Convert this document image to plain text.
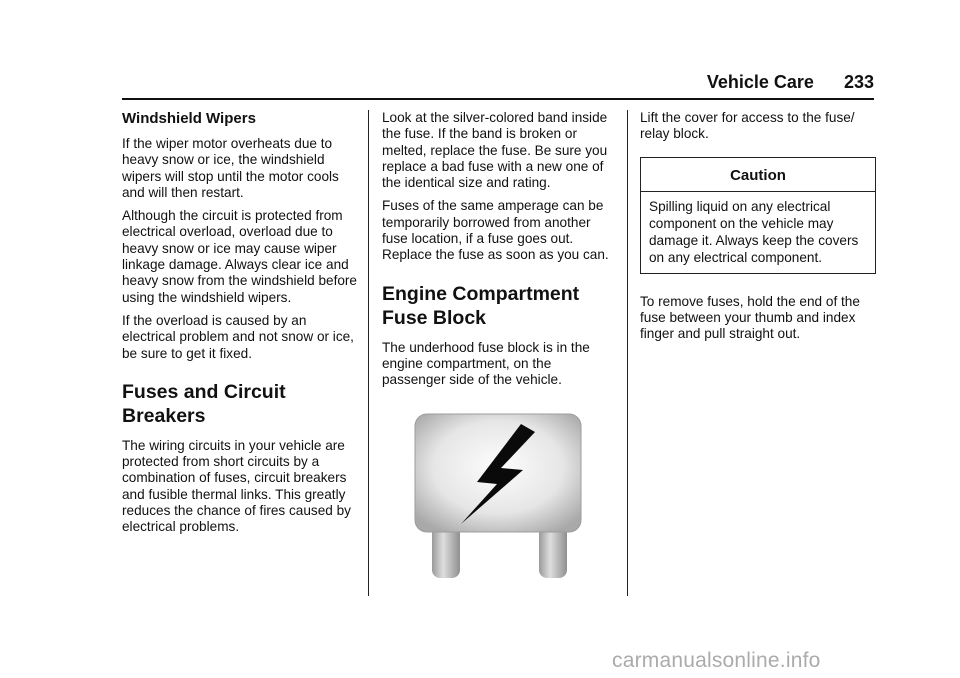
Vehicle Care 233
Windshield Wipers

If the wiper motor overheats due to heavy snow or ice, the windshield wipers will stop until the motor cools and will then restart.

Although the circuit is protected from electrical overload, overload due to heavy snow or ice may cause wiper linkage damage. Always clear ice and heavy snow from the windshield before using the windshield wipers.

If the overload is caused by an electrical problem and not snow or ice, be sure to get it fixed.

Fuses and Circuit Breakers

The wiring circuits in your vehicle are protected from short circuits by a combination of fuses, circuit breakers and fusible thermal links. This greatly reduces the chance of fires caused by electrical problems.

Look at the silver-colored band inside the fuse. If the band is broken or melted, replace the fuse. Be sure you replace a bad fuse with a new one of the identical size and rating.

Fuses of the same amperage can be temporarily borrowed from another fuse location, if a fuse goes out. Replace the fuse as soon as you can.

Engine Compartment Fuse Block

The underhood fuse block is in the engine compartment, on the passenger side of the vehicle.

Lift the cover for access to the fuse/ relay block.

Caution
Spilling liquid on any electrical component on the vehicle may damage it. Always keep the covers on any electrical component.

To remove fuses, hold the end of the fuse between your thumb and index finger and pull straight out.

carmanualsonline.info
